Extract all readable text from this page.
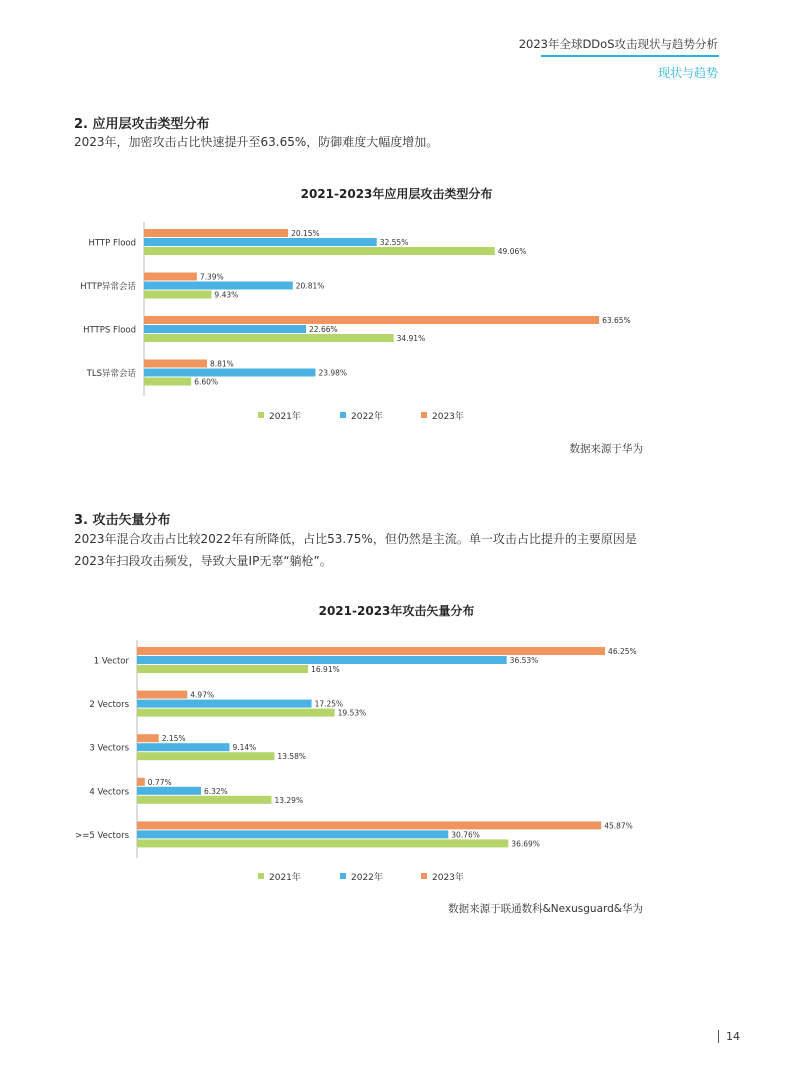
2023年全球DDoS攻击现状与趋势分析
现状与趋势
2. 应用层攻击类型分布

2023年，加密攻击占比快速提升至63.65%，防御难度大幅度增加。

2021-2023年应用层攻击类型分布
HTTP Flood
20.15%
32.55%
49.06%
HTTP异常会话
7.39%
20.81%
9.43%
HTTPS Flood
63.65%
22.66%
34.91%
TLS异常会话
8.81%
23.98%
6.60%
2021年	2022年	2023年
数据来源于华为
3. 攻击矢量分布

2023年混合攻击占比较2022年有所降低，占比53.75%，但仍然是主流。单一攻击占比提升的主要原因是

2023年扫段攻击频发，导致大量IP无辜“躺枪”。

2021-2023年攻击矢量分布
1 Vector
46.25%
36.53%
16.91%
2 Vectors
4.97%
17.25%
19.53%
3 Vectors
2.15%
9.14%
13.58%
4 Vectors
0.77%
6.32%
13.29%
>=5 Vectors
45.87%
30.76%
36.69%
2021年	2022年	2023年
数据来源于联通数科&Nexusguard&华为
14
